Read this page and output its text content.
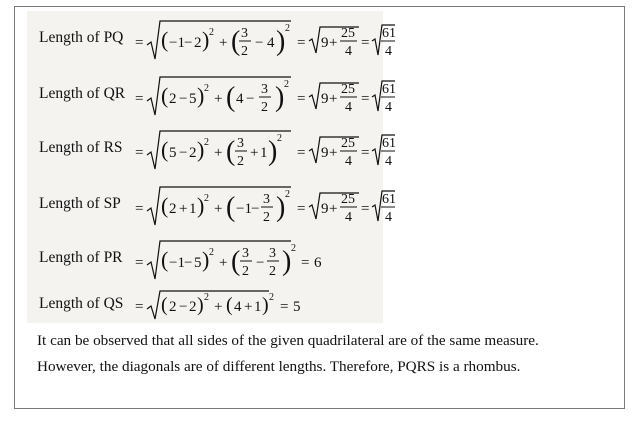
Length of PQ = ( −1 − 2 ) 2
+ ( 3
2
− 4 ) 2
= 9 +
25
4
=
61
4
Length of QR = ( 2 − 5 ) 2
+ ( 4 −
3
2 ) 2
= 9 +
25
4
=
61
4
Length of RS = ( 5 − 2 ) 2
+ ( 3
2
+ 1 ) 2
= 9 +
25
4
=
61
4
Length of SP = ( 2 + 1 ) 2
+ ( −1 −
3
2 ) 2
= 9 +
25
4
=
61
4
Length of PR = ( −1 − 5 ) 2
+ ( 3
2
−
3
2 ) 2
= 6
Length of QS = ( 2 − 2 ) 2
+ ( 4 + 1 ) 2
= 5

It can be observed that all sides of the given quadrilateral are of the same measure.

However, the diagonals are of different lengths. Therefore, PQRS is a rhombus.
